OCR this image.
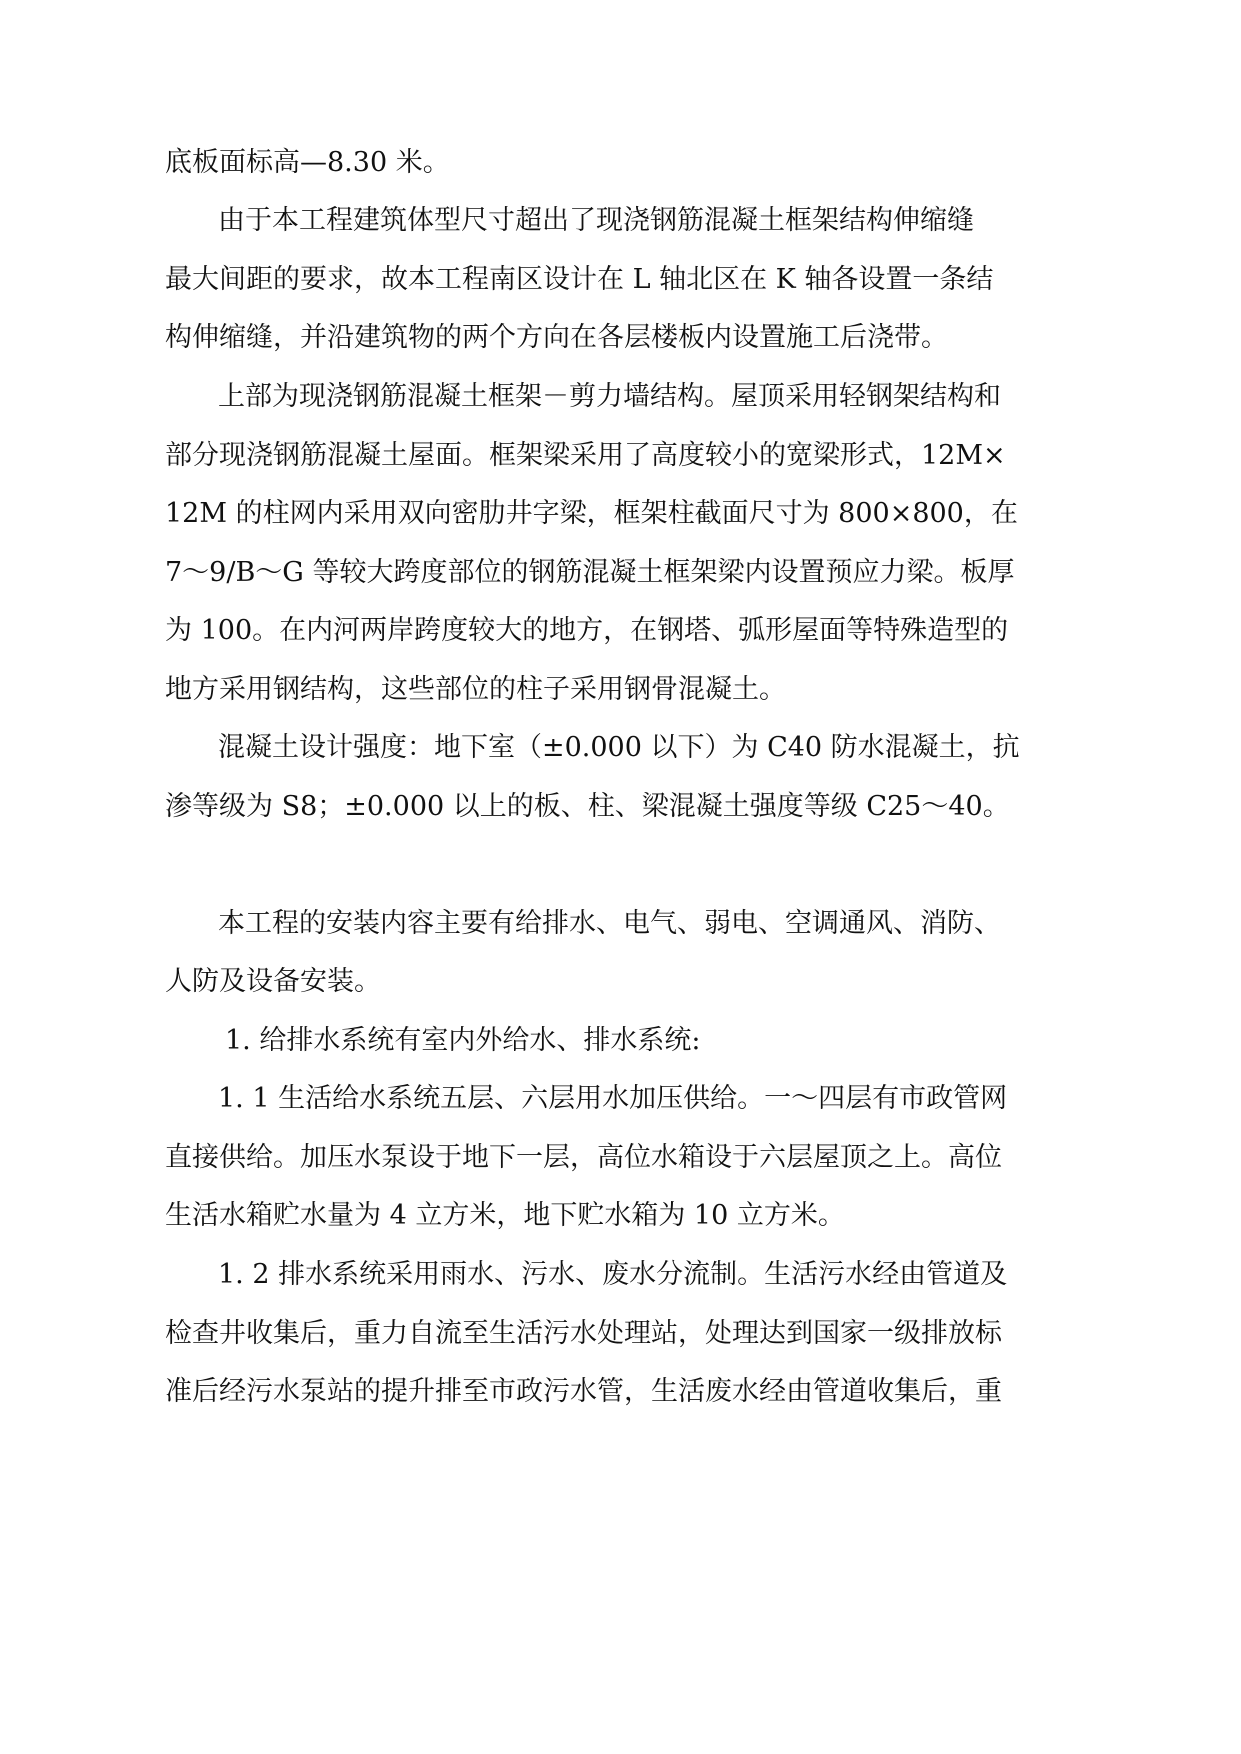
底板面标高—8.30 米。
由于本工程建筑体型尺寸超出了现浇钢筋混凝土框架结构伸缩缝
最大间距的要求，故本工程南区设计在 L 轴北区在 K 轴各设置一条结
构伸缩缝，并沿建筑物的两个方向在各层楼板内设置施工后浇带。
上部为现浇钢筋混凝土框架－剪力墙结构。屋顶采用轻钢架结构和
部分现浇钢筋混凝土屋面。框架梁采用了高度较小的宽梁形式，12M×
12M 的柱网内采用双向密肋井字梁，框架柱截面尺寸为 800×800，在
7～9/B～G 等较大跨度部位的钢筋混凝土框架梁内设置预应力梁。板厚
为 100。在内河两岸跨度较大的地方，在钢塔、弧形屋面等特殊造型的
地方采用钢结构，这些部位的柱子采用钢骨混凝土。
混凝土设计强度：地下室（±0.000 以下）为 C40 防水混凝土，抗
渗等级为 S8；±0.000 以上的板、柱、梁混凝土强度等级 C25～40。
本工程的安装内容主要有给排水、电气、弱电、空调通风、消防、
人防及设备安装。
1. 给排水系统有室内外给水、排水系统:
1. 1 生活给水系统五层、六层用水加压供给。一～四层有市政管网
直接供给。加压水泵设于地下一层，高位水箱设于六层屋顶之上。高位
生活水箱贮水量为 4 立方米，地下贮水箱为 10 立方米。
1. 2 排水系统采用雨水、污水、废水分流制。生活污水经由管道及
检查井收集后，重力自流至生活污水处理站，处理达到国家一级排放标
准后经污水泵站的提升排至市政污水管，生活废水经由管道收集后，重
